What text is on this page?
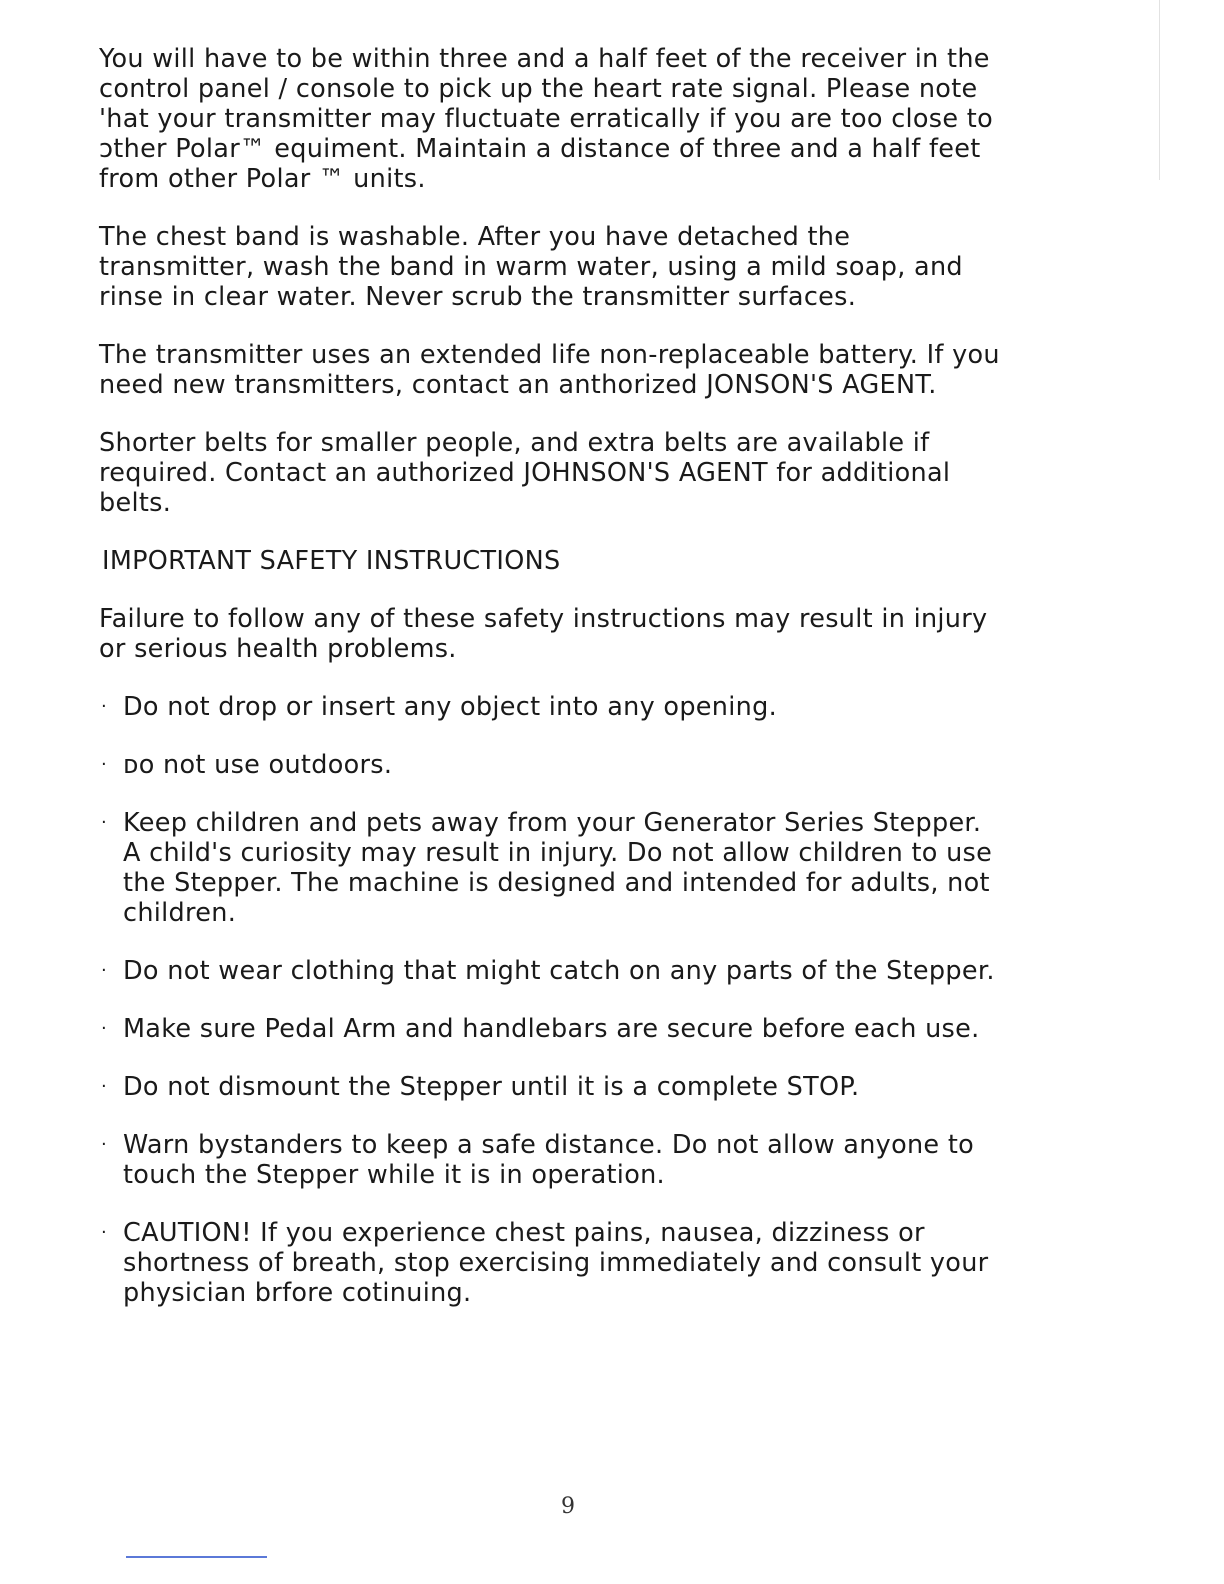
You will have to be within three and a half feet of the receiver in the
control panel / console to pick up the heart rate signal. Please note
'hat your transmitter may fluctuate erratically if you are too close to
ɔther Polar™ equiment. Maintain a distance of three and a half feet
from other Polar ™ units.

The chest band is washable. After you have detached the
transmitter, wash the band in warm water, using a mild soap, and
rinse in clear water. Never scrub the transmitter surfaces.

The transmitter uses an extended life non-replaceable battery. If you
need new transmitters, contact an anthorized JONSON'S AGENT.

Shorter belts for smaller people, and extra belts are available if
required. Contact an authorized JOHNSON'S AGENT for additional
belts.

IMPORTANT SAFETY INSTRUCTIONS

Failure to follow any of these safety instructions may result in injury
or serious health problems.

· Do not drop or insert any object into any opening.
· ᴅo not use outdoors.
· Keep children and pets away from your Generator Series Stepper.
A child's curiosity may result in injury. Do not allow children to use
the Stepper. The machine is designed and intended for adults, not
children.
· Do not wear clothing that might catch on any parts of the Stepper.
· Make sure Pedal Arm and handlebars are secure before each use.
· Do not dismount the Stepper until it is a complete STOP.
· Warn bystanders to keep a safe distance. Do not allow anyone to
touch the Stepper while it is in operation.
· CAUTION! If you experience chest pains, nausea, dizziness or
shortness of breath, stop exercising immediately and consult your
physician brfore cotinuing.
9
